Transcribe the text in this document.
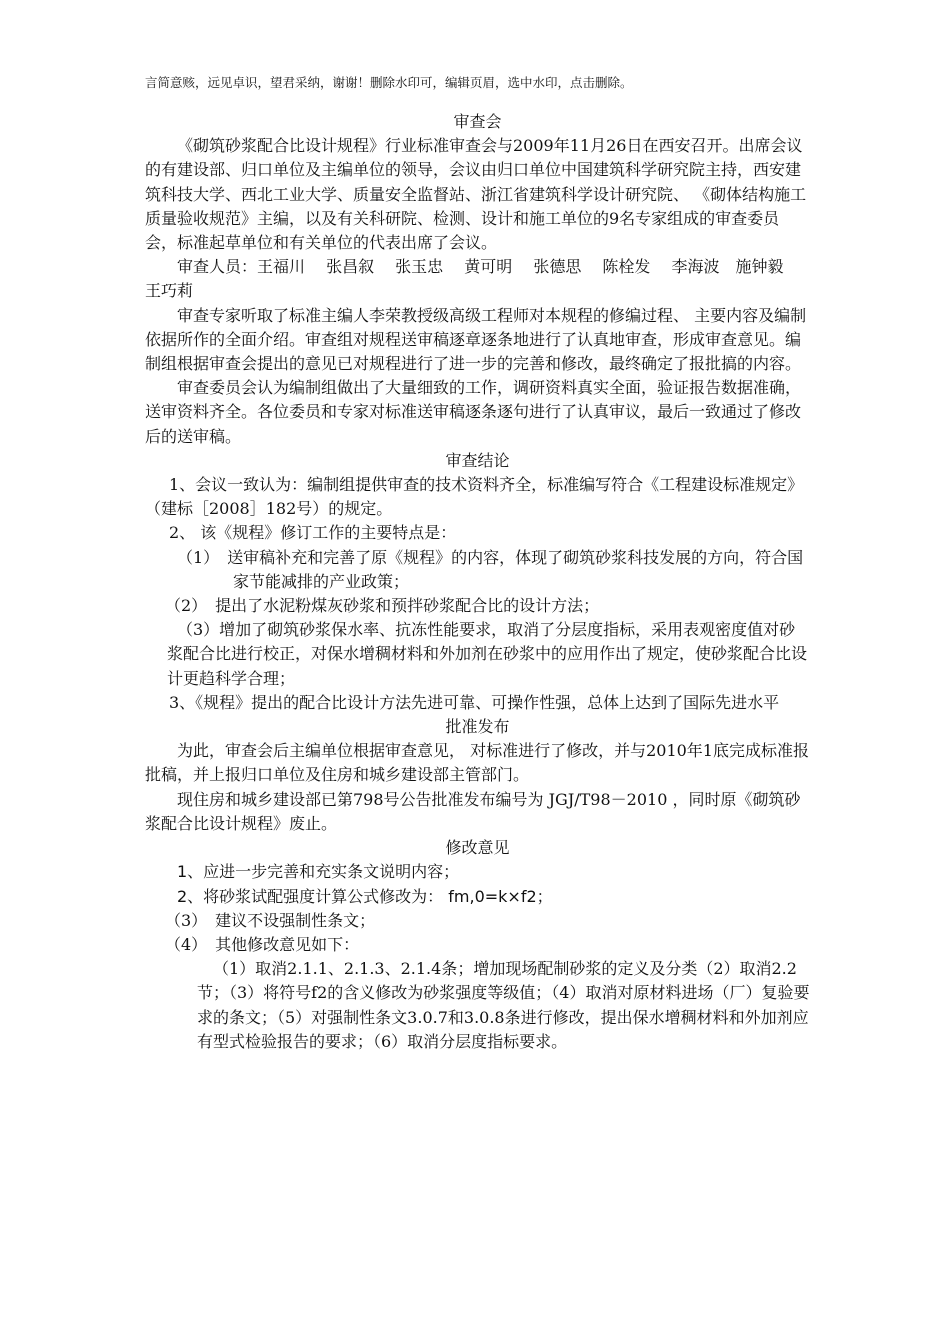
言简意赅，远见卓识，望君采纳，谢谢！删除水印可，编辑页眉，选中水印，点击删除。

审查会

《砌筑砂浆配合比设计规程》行业标准审查会与2009年11月26日在西安召开。出席会议的有建设部、归口单位及主编单位的领导，会议由归口单位中国建筑科学研究院主持，西安建筑科技大学、西北工业大学、质量安全监督站、浙江省建筑科学设计研究院、 《砌体结构施工质量验收规范》主编，以及有关科研院、检测、设计和施工单位的9名专家组成的审查委员会，标准起草单位和有关单位的代表出席了会议。

审查人员：王福川　 张昌叙　 张玉忠　 黄可明　 张德思　 陈栓发　 李海波　施钟毅　 王巧莉

审查专家听取了标准主编人李荣教授级高级工程师对本规程的修编过程、 主要内容及编制依据所作的全面介绍。审查组对规程送审稿逐章逐条地进行了认真地审查，形成审查意见。编制组根据审查会提出的意见已对规程进行了进一步的完善和修改，最终确定了报批搞的内容。

审查委员会认为编制组做出了大量细致的工作，调研资料真实全面，验证报告数据准确，送审资料齐全。各位委员和专家对标准送审稿逐条逐句进行了认真审议，最后一致通过了修改后的送审稿。

审查结论

1、会议一致认为：编制组提供审查的技术资料齐全，标准编写符合《工程建设标准规定》（建标［2008］182号）的规定。

2、 该《规程》修订工作的主要特点是：

（1）　送审稿补充和完善了原《规程》的内容，体现了砌筑砂浆科技发展的方向，符合国家节能减排的产业政策；

（2）　提出了水泥粉煤灰砂浆和预拌砂浆配合比的设计方法；

（3）增加了砌筑砂浆保水率、抗冻性能要求，取消了分层度指标，采用表观密度值对砂浆配合比进行校正，对保水增稠材料和外加剂在砂浆中的应用作出了规定，使砂浆配合比设计更趋科学合理；

3、《规程》提出的配合比设计方法先进可靠、可操作性强，总体上达到了国际先进水平

批准发布

为此，审查会后主编单位根据审查意见， 对标准进行了修改，并与2010年1底完成标准报批稿，并上报归口单位及住房和城乡建设部主管部门。

现住房和城乡建设部已第798号公告批准发布编号为 JGJ/T98－2010 ，同时原《砌筑砂浆配合比设计规程》废止。

修改意见

1、应进一步完善和充实条文说明内容；

2、将砂浆试配强度计算公式修改为： fm,0=k×f2；

（3）　建议不设强制性条文；

（4）　其他修改意见如下：

（1）取消2.1.1、2.1.3、2.1.4条；增加现场配制砂浆的定义及分类（2）取消2.2节；（3）将符号f2的含义修改为砂浆强度等级值；（4）取消对原材料进场（厂）复验要求的条文；（5）对强制性条文3.0.7和3.0.8条进行修改，提出保水增稠材料和外加剂应有型式检验报告的要求；（6）取消分层度指标要求。
